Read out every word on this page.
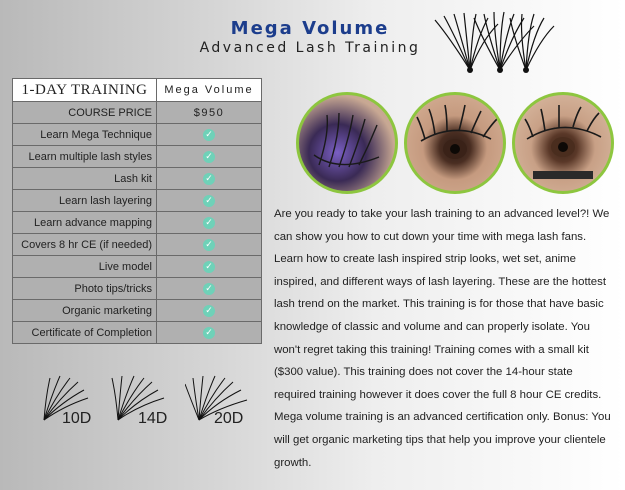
Mega Volume
Advanced Lash Training
1-DAY TRAINING	Mega Volume
COURSE PRICE	$950
Learn Mega Technique	✓
Learn multiple lash styles	✓
Lash kit	✓
Learn lash layering	✓
Learn advance mapping	✓
Covers 8 hr CE (if needed)	✓
Live model	✓
Photo tips/tricks	✓
Organic marketing	✓
Certificate of Completion	✓
Are you ready to take your lash training to an advanced level?! We can show you how to cut down your time with mega lash fans. Learn how to create lash inspired strip looks, wet set, anime inspired, and different ways of lash layering. These are the hottest lash trend on the market. This training is for those that have basic knowledge of classic and volume and can properly isolate. You won't regret taking this training! Training comes with a small kit ($300 value). This training does not cover the 14-hour state required training however it does cover the full 8 hour CE credits. Mega volume training is an advanced certification only. Bonus: You will get organic marketing tips that help you improve your clientele growth.
10D	14D	20D
